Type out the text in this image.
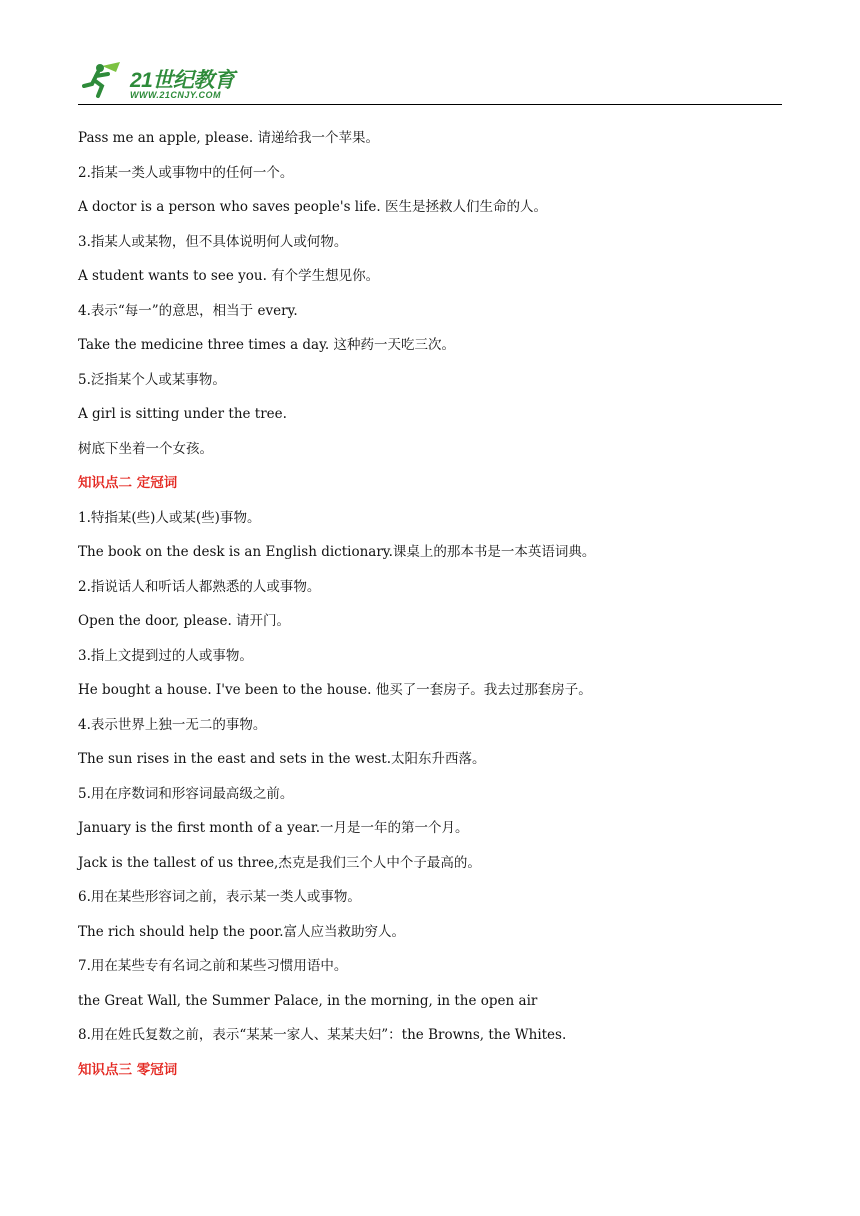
21世纪教育
WWW.21CNJY.COM
Pass me an apple, please. 请递给我一个苹果。
2.指某一类人或事物中的任何一个。
A doctor is a person who saves people's life. 医生是拯救人们生命的人。
3.指某人或某物，但不具体说明何人或何物。
A student wants to see you. 有个学生想见你。
4.表示“每一”的意思，相当于 every.
Take the medicine three times a day. 这种药一天吃三次。
5.泛指某个人或某事物。
A girl is sitting under the tree.
树底下坐着一个女孩。
知识点二 定冠词
1.特指某(些)人或某(些)事物。
The book on the desk is an English dictionary.课桌上的那本书是一本英语词典。
2.指说话人和听话人都熟悉的人或事物。
Open the door, please. 请开门。
3.指上文提到过的人或事物。
He bought a house. I've been to the house. 他买了一套房子。我去过那套房子。
4.表示世界上独一无二的事物。
The sun rises in the east and sets in the west.太阳东升西落。
5.用在序数词和形容词最高级之前。
January is the first month of a year.一月是一年的第一个月。
Jack is the tallest of us three,杰克是我们三个人中个子最高的。
6.用在某些形容词之前，表示某一类人或事物。
The rich should help the poor.富人应当救助穷人。
7.用在某些专有名词之前和某些习惯用语中。
the Great Wall, the Summer Palace, in the morning, in the open air
8.用在姓氏复数之前，表示“某某一家人、某某夫妇”：the Browns, the Whites.
知识点三 零冠词
